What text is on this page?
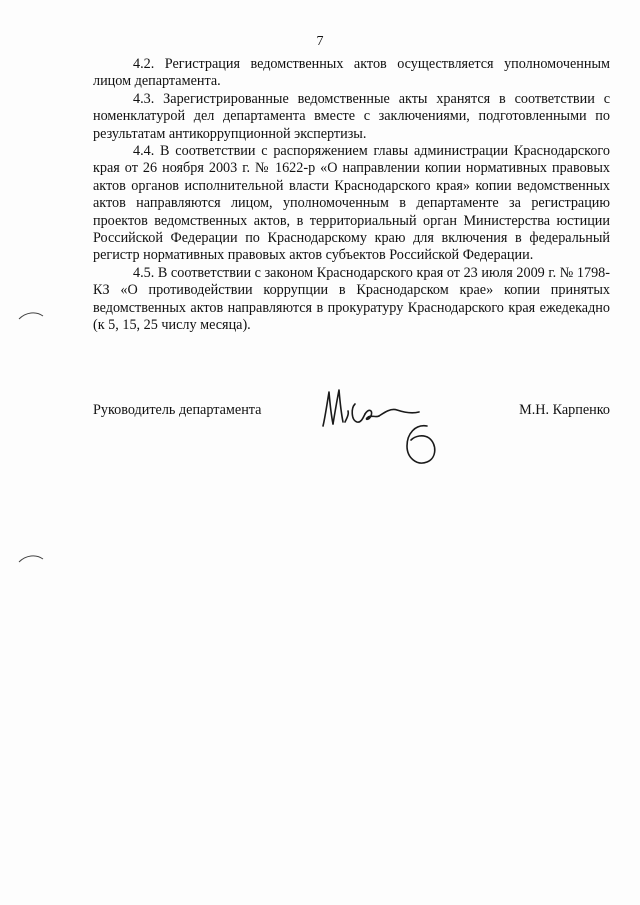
7

4.2. Регистрация ведомственных актов осуществляется уполномоченным лицом департамента.

4.3. Зарегистрированные ведомственные акты хранятся в соответствии с номенклатурой дел департамента вместе с заключениями, подготовленными по результатам антикоррупционной экспертизы.

4.4. В соответствии с распоряжением главы администрации Краснодарского края от 26 ноября 2003 г. № 1622-р «О направлении копии нормативных правовых актов органов исполнительной власти Краснодарского края» копии ведомственных актов направляются лицом, уполномоченным в департаменте за регистрацию проектов ведомственных актов, в территориальный орган Министерства юстиции Российской Федерации по Краснодарскому краю для включения в федеральный регистр нормативных правовых актов субъектов Российской Федерации.

4.5. В соответствии с законом Краснодарского края от 23 июля 2009 г. № 1798-КЗ «О противодействии коррупции в Краснодарском крае» копии принятых ведомственных актов направляются в прокуратуру Краснодарского края ежедекадно (к 5, 15, 25 числу месяца).

Руководитель департамента	М.Н. Карпенко
